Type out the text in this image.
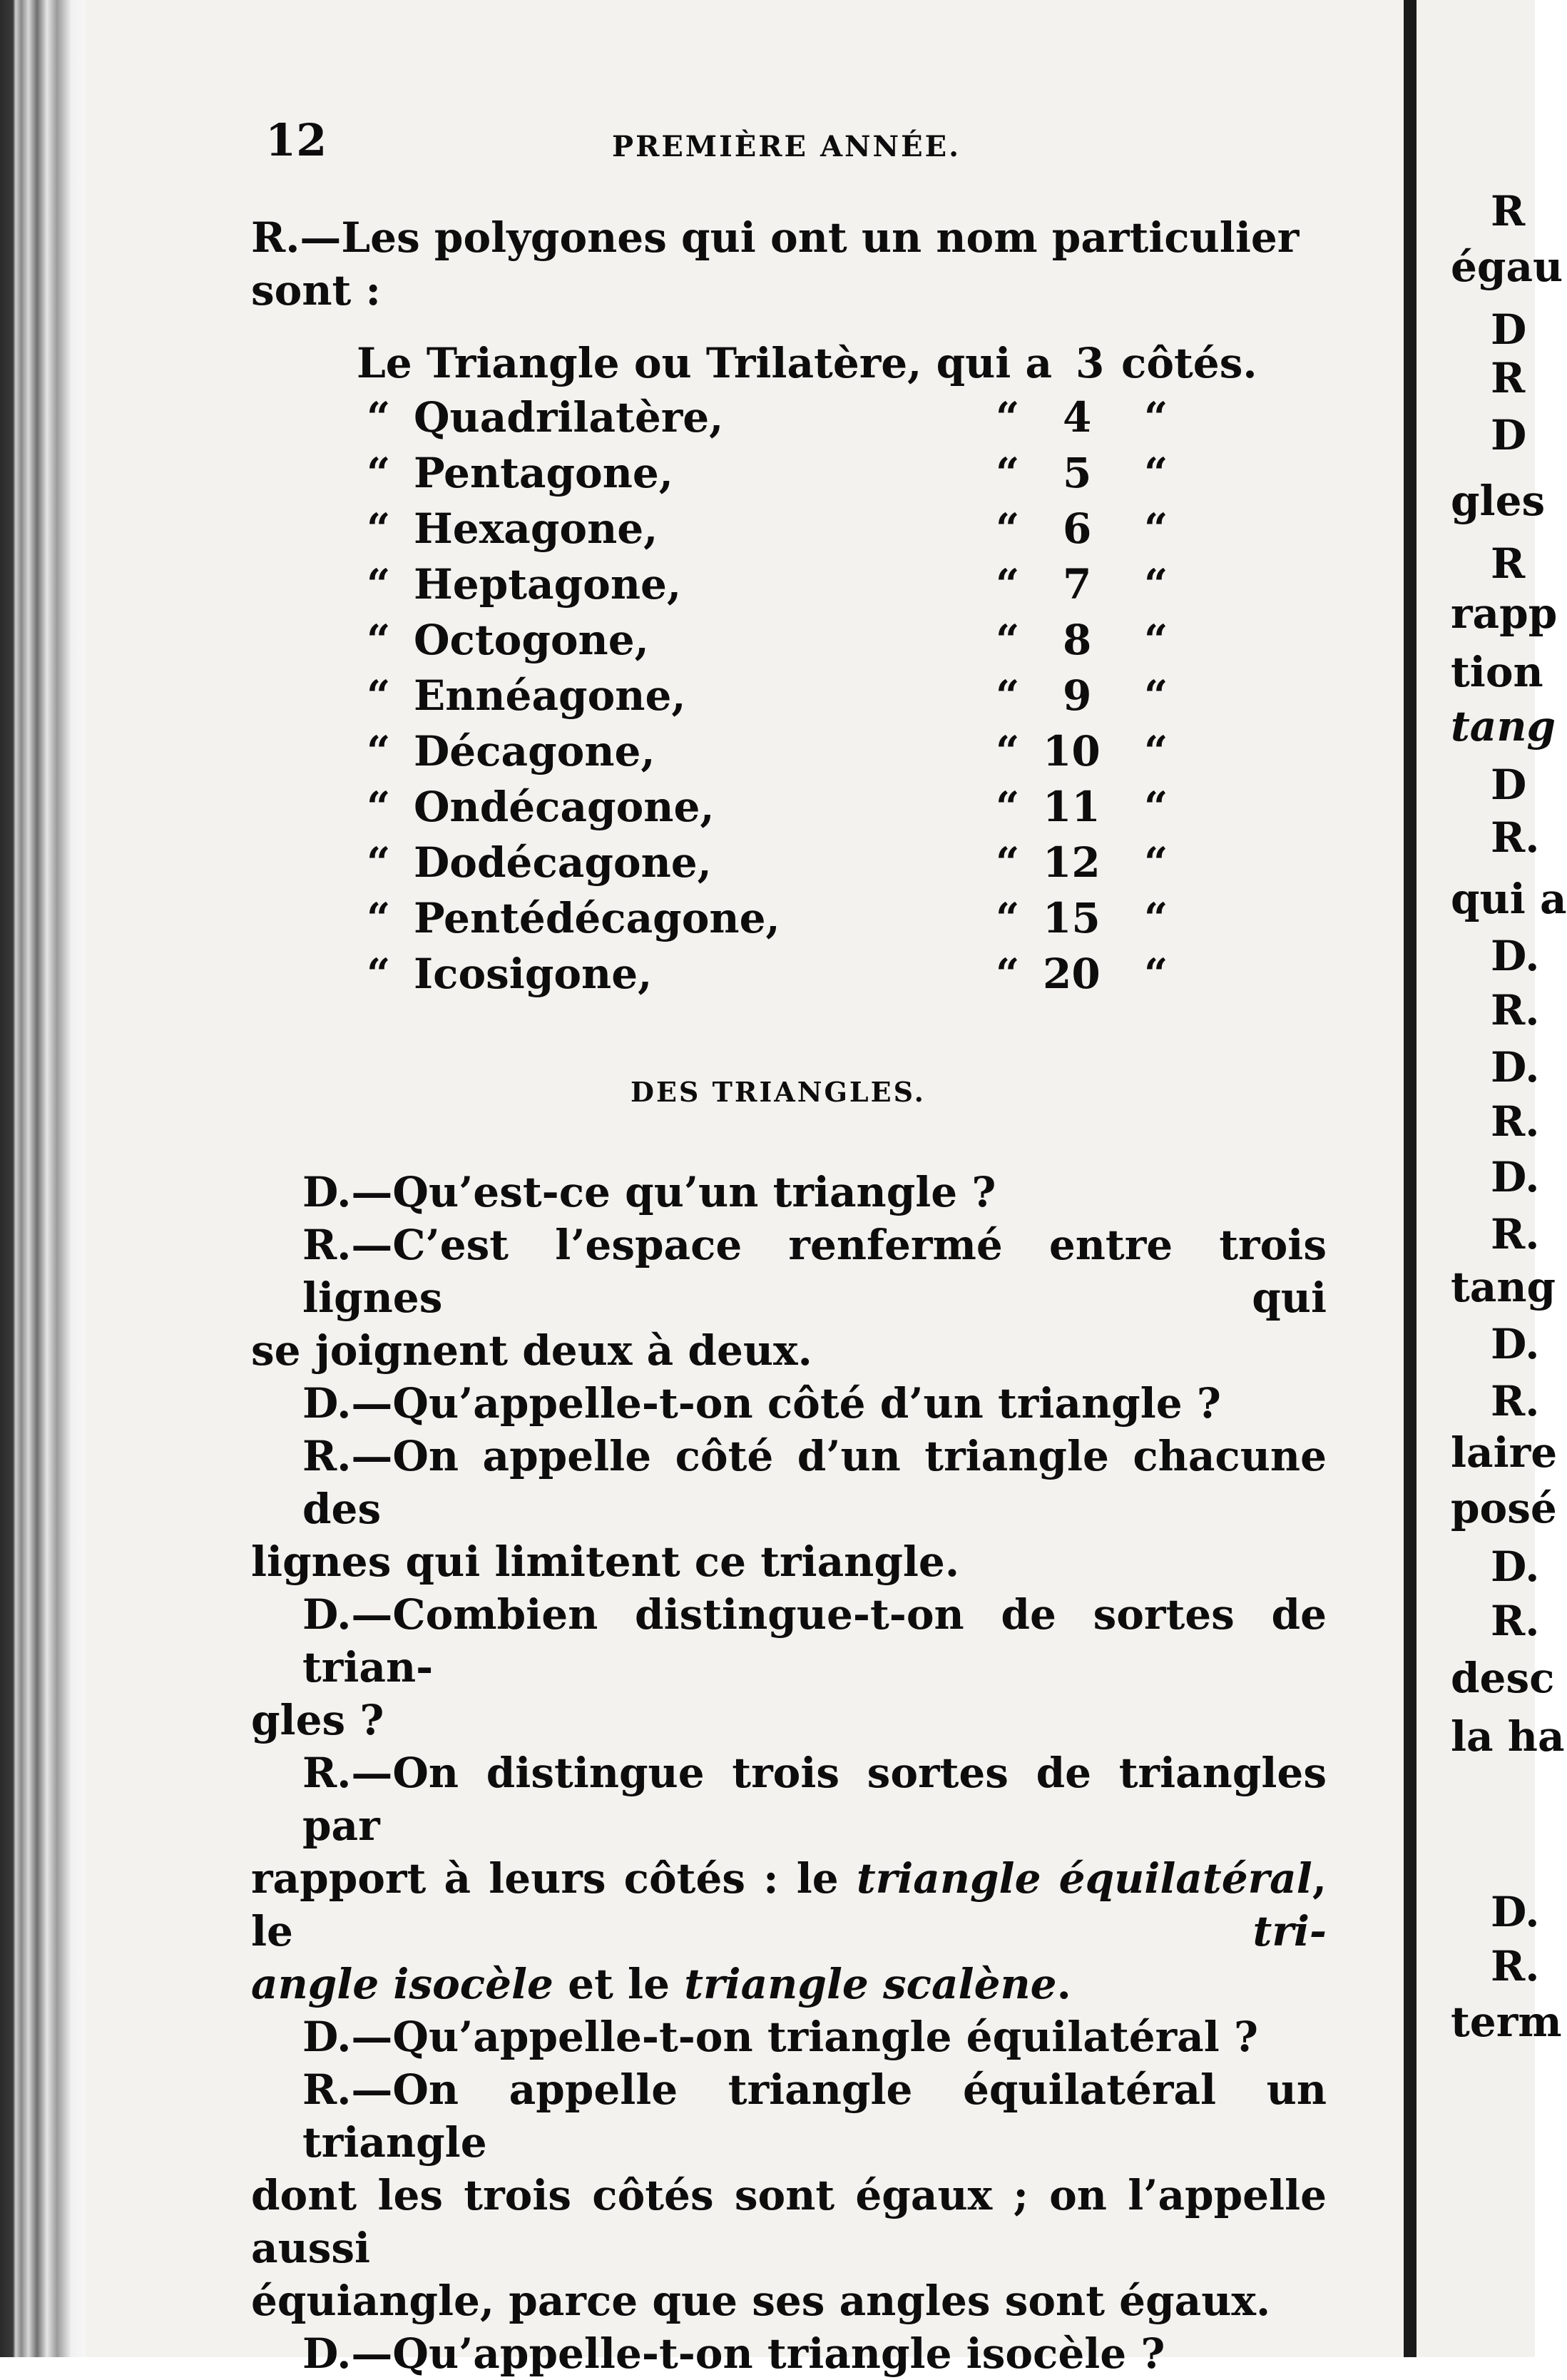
12	PREMIÈRE ANNÉE.
R.—Les polygones qui ont un nom particulier

sont :
Le Triangle ou Trilatère, qui a 3 côtés.
“ Quadrilatère,	“ 4 “
“ Pentagone,	“ 5 “
“ Hexagone,	“ 6 “
“ Heptagone,	“ 7 “
“ Octogone,	“ 8 “
“ Ennéagone,	“ 9 “
“ Décagone,	“ 10 “
“ Ondécagone,	“ 11 “
“ Dodécagone,	“ 12 “
“ Pentédécagone,	“ 15 “
“ Icosigone,	“ 20 “
DES TRIANGLES.
D.—Qu’est-ce qu’un triangle ?
R.—C’est l’espace renfermé entre trois lignes qui
se joignent deux à deux.
D.—Qu’appelle-t-on côté d’un triangle ?
R.—On appelle côté d’un triangle chacune des
lignes qui limitent ce triangle.
D.—Combien distingue-t-on de sortes de trian-
gles ?
R.—On distingue trois sortes de triangles par
rapport à leurs côtés : le triangle équilatéral, le tri-
angle isocèle et le triangle scalène.
D.—Qu’appelle-t-on triangle équilatéral ?
R.—On appelle triangle équilatéral un triangle
dont les trois côtés sont égaux ; on l’appelle aussi
équiangle, parce que ses angles sont égaux.
D.—Qu’appelle-t-on triangle isocèle ?
R
égau
D
R
D
gles
R
rapp
tion
tang
D
R.
qui a
D.
R.
D.
R.
D.
R.
tang
D.
R.
laire
posé
D.
R.
desc
la ha
D.
R.
term
